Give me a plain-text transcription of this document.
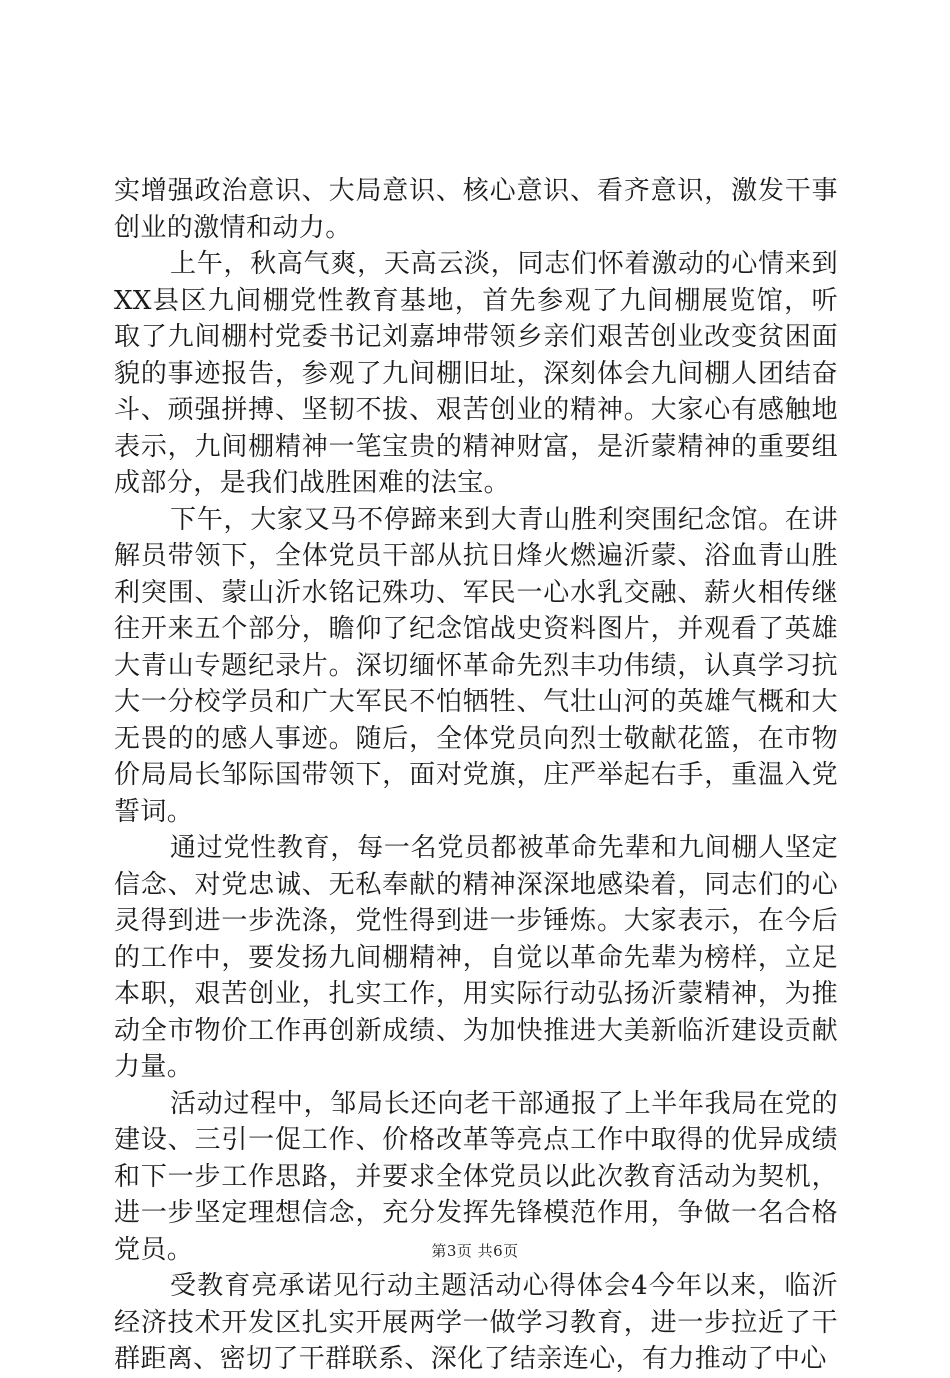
实增强政治意识、大局意识、核心意识、看齐意识，激发干事创业的激情和动力。

上午，秋高气爽，天高云淡，同志们怀着激动的心情来到XX县区九间棚党性教育基地，首先参观了九间棚展览馆，听取了九间棚村党委书记刘嘉坤带领乡亲们艰苦创业改变贫困面貌的事迹报告，参观了九间棚旧址，深刻体会九间棚人团结奋斗、顽强拼搏、坚韧不拔、艰苦创业的精神。大家心有感触地表示，九间棚精神一笔宝贵的精神财富，是沂蒙精神的重要组成部分，是我们战胜困难的法宝。

下午，大家又马不停蹄来到大青山胜利突围纪念馆。在讲解员带领下，全体党员干部从抗日烽火燃遍沂蒙、浴血青山胜利突围、蒙山沂水铭记殊功、军民一心水乳交融、薪火相传继往开来五个部分，瞻仰了纪念馆战史资料图片，并观看了英雄大青山专题纪录片。深切缅怀革命先烈丰功伟绩，认真学习抗大一分校学员和广大军民不怕牺牲、气壮山河的英雄气概和大无畏的的感人事迹。随后，全体党员向烈士敬献花篮，在市物价局局长邹际国带领下，面对党旗，庄严举起右手，重温入党誓词。

通过党性教育，每一名党员都被革命先辈和九间棚人坚定信念、对党忠诚、无私奉献的精神深深地感染着，同志们的心灵得到进一步洗涤，党性得到进一步锤炼。大家表示，在今后的工作中，要发扬九间棚精神，自觉以革命先辈为榜样，立足本职，艰苦创业，扎实工作，用实际行动弘扬沂蒙精神，为推动全市物价工作再创新成绩、为加快推进大美新临沂建设贡献力量。

活动过程中，邹局长还向老干部通报了上半年我局在党的建设、三引一促工作、价格改革等亮点工作中取得的优异成绩和下一步工作思路，并要求全体党员以此次教育活动为契机，进一步坚定理想信念，充分发挥先锋模范作用，争做一名合格党员。

受教育亮承诺见行动主题活动心得体会4今年以来，临沂经济技术开发区扎实开展两学一做学习教育，进一步拉近了干群距离、密切了干群联系、深化了结亲连心，有力推动了中心

第3页 共6页
